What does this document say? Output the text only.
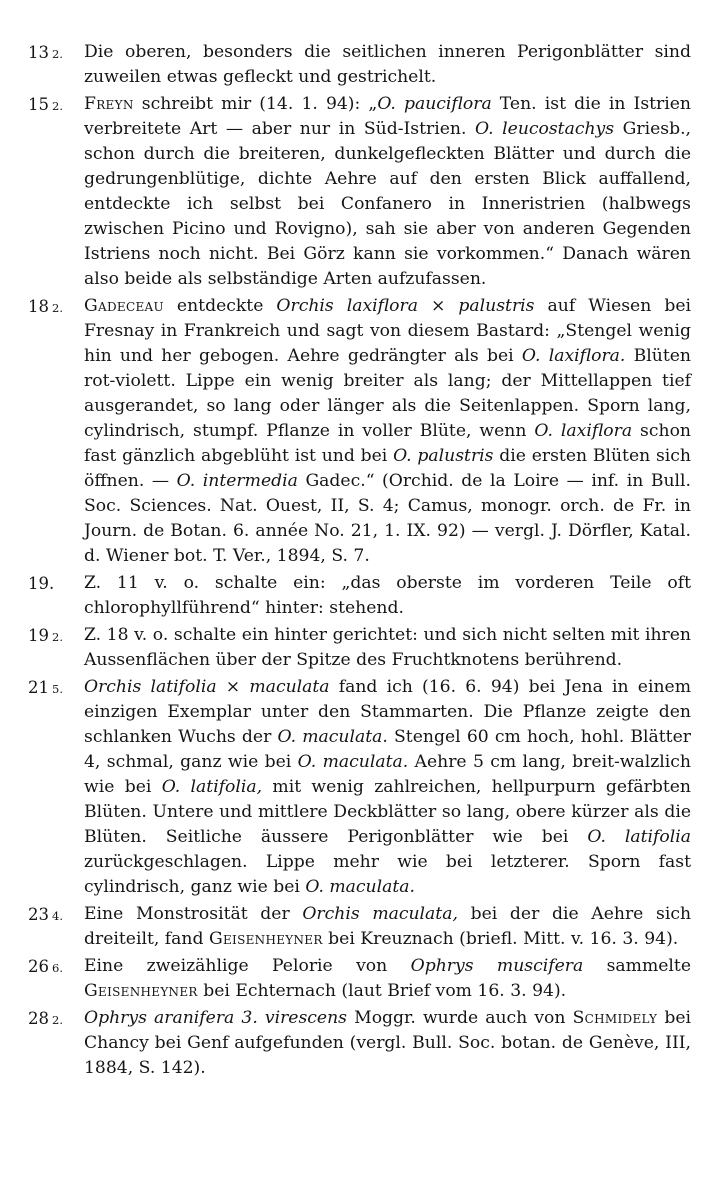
13 2.	Die oberen, besonders die seitlichen inneren Perigonblätter sind zuweilen etwas gefleckt und gestrichelt.
15 2.	Freyn schreibt mir (14. 1. 94): „O. pauciflora Ten. ist die in Istrien verbreitete Art — aber nur in Süd-Istrien. O. leucostachys Griesb., schon durch die breiteren, dunkelgefleckten Blätter und durch die gedrungenblütige, dichte Aehre auf den ersten Blick auffallend, entdeckte ich selbst bei Confanero in Inneristrien (halbwegs zwischen Picino und Rovigno), sah sie aber von anderen Gegenden Istriens noch nicht. Bei Görz kann sie vorkommen.“ Danach wären also beide als selbständige Arten aufzufassen.
18 2.	Gadeceau entdeckte Orchis laxiflora × palustris auf Wiesen bei Fresnay in Frankreich und sagt von diesem Bastard: „Stengel wenig hin und her gebogen. Aehre gedrängter als bei O. laxiflora. Blüten rot-violett. Lippe ein wenig breiter als lang; der Mittellappen tief ausgerandet, so lang oder länger als die Seitenlappen. Sporn lang, cylindrisch, stumpf. Pflanze in voller Blüte, wenn O. laxiflora schon fast gänzlich abgeblüht ist und bei O. palustris die ersten Blüten sich öffnen. — O. intermedia Gadec.“ (Orchid. de la Loire — inf. in Bull. Soc. Sciences. Nat. Ouest, II, S. 4; Camus, monogr. orch. de Fr. in Journ. de Botan. 6. année No. 21, 1. IX. 92) — vergl. J. Dörfler, Katal. d. Wiener bot. T. Ver., 1894, S. 7.
19.	Z. 11 v. o. schalte ein: „das oberste im vorderen Teile oft chlorophyllführend“ hinter: stehend.
19 2.	Z. 18 v. o. schalte ein hinter gerichtet: und sich nicht selten mit ihren Aussenflächen über der Spitze des Fruchtknotens berührend.
21 5.	Orchis latifolia × maculata fand ich (16. 6. 94) bei Jena in einem einzigen Exemplar unter den Stammarten. Die Pflanze zeigte den schlanken Wuchs der O. maculata. Stengel 60 cm hoch, hohl. Blätter 4, schmal, ganz wie bei O. maculata. Aehre 5 cm lang, breit-walzlich wie bei O. latifolia, mit wenig zahlreichen, hellpurpurn gefärbten Blüten. Untere und mittlere Deckblätter so lang, obere kürzer als die Blüten. Seitliche äussere Perigonblätter wie bei O. latifolia zurückgeschlagen. Lippe mehr wie bei letzterer. Sporn fast cylindrisch, ganz wie bei O. maculata.
23 4.	Eine Monstrosität der Orchis maculata, bei der die Aehre sich dreiteilt, fand Geisenheyner bei Kreuznach (briefl. Mitt. v. 16. 3. 94).
26 6.	Eine zweizählige Pelorie von Ophrys muscifera sammelte Geisenheyner bei Echternach (laut Brief vom 16. 3. 94).
28 2.	Ophrys aranifera 3. virescens Moggr. wurde auch von Schmidely bei Chancy bei Genf aufgefunden (vergl. Bull. Soc. botan. de Genève, III, 1884, S. 142).
